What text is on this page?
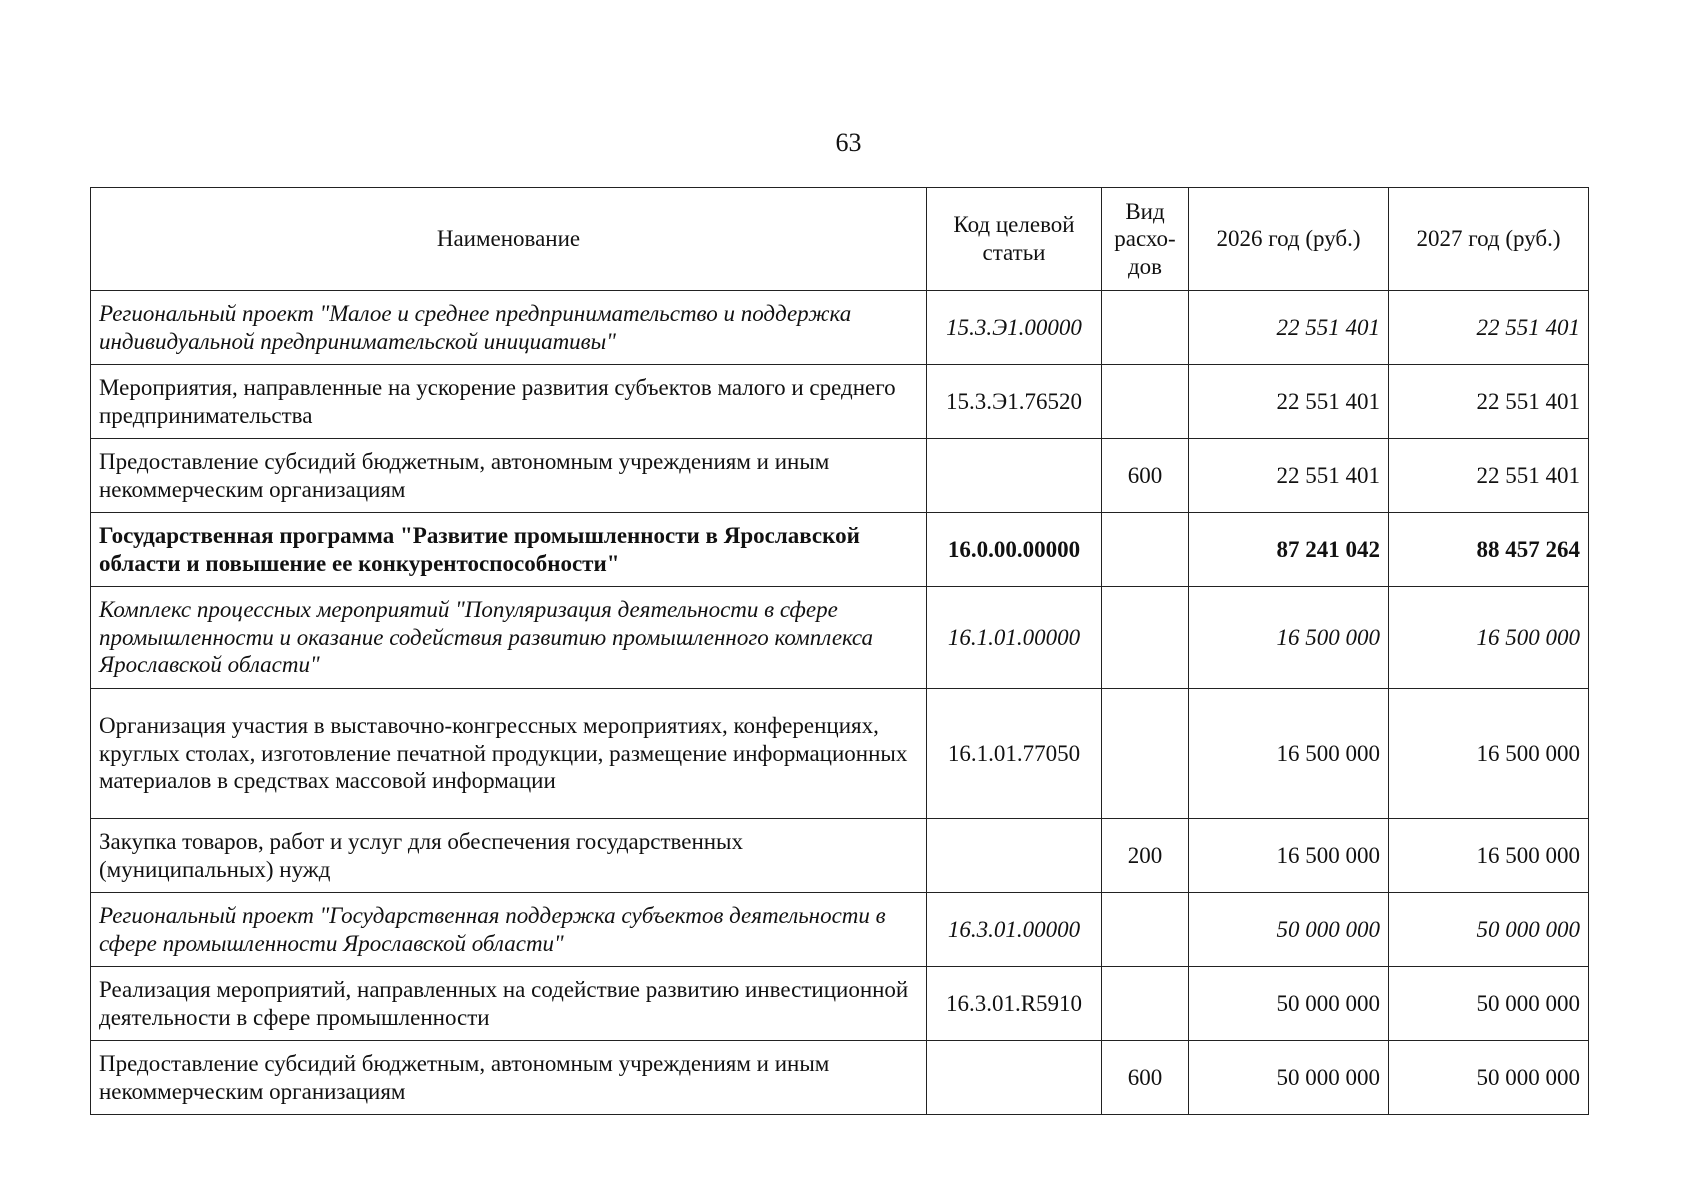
63
Наименование	Код целевой статьи	Вид расхо-дов	2026 год (руб.)	2027 год (руб.)
Региональный проект "Малое и среднее предпринимательство и поддержка индивидуальной предпринимательской инициативы"	15.3.Э1.00000		22 551 401	22 551 401
Мероприятия, направленные на ускорение развития субъектов малого и среднего предпринимательства	15.3.Э1.76520		22 551 401	22 551 401
Предоставление субсидий бюджетным, автономным учреждениям и иным некоммерческим организациям		600	22 551 401	22 551 401
Государственная программа "Развитие промышленности в Ярославской области и повышение ее конкурентоспособности"	16.0.00.00000		87 241 042	88 457 264
Комплекс процессных мероприятий "Популяризация деятельности в сфере промышленности и оказание содействия развитию промышленного комплекса Ярославской области"	16.1.01.00000		16 500 000	16 500 000
Организация участия в выставочно-конгрессных мероприятиях, конференциях, круглых столах, изготовление печатной продукции, размещение информационных материалов в средствах массовой информации	16.1.01.77050		16 500 000	16 500 000
Закупка товаров, работ и услуг для обеспечения государственных (муниципальных) нужд		200	16 500 000	16 500 000
Региональный проект "Государственная поддержка субъектов деятельности в сфере промышленности Ярославской области"	16.3.01.00000		50 000 000	50 000 000
Реализация мероприятий, направленных на содействие развитию инвестиционной деятельности в сфере промышленности	16.3.01.R5910		50 000 000	50 000 000
Предоставление субсидий бюджетным, автономным учреждениям и иным некоммерческим организациям		600	50 000 000	50 000 000
